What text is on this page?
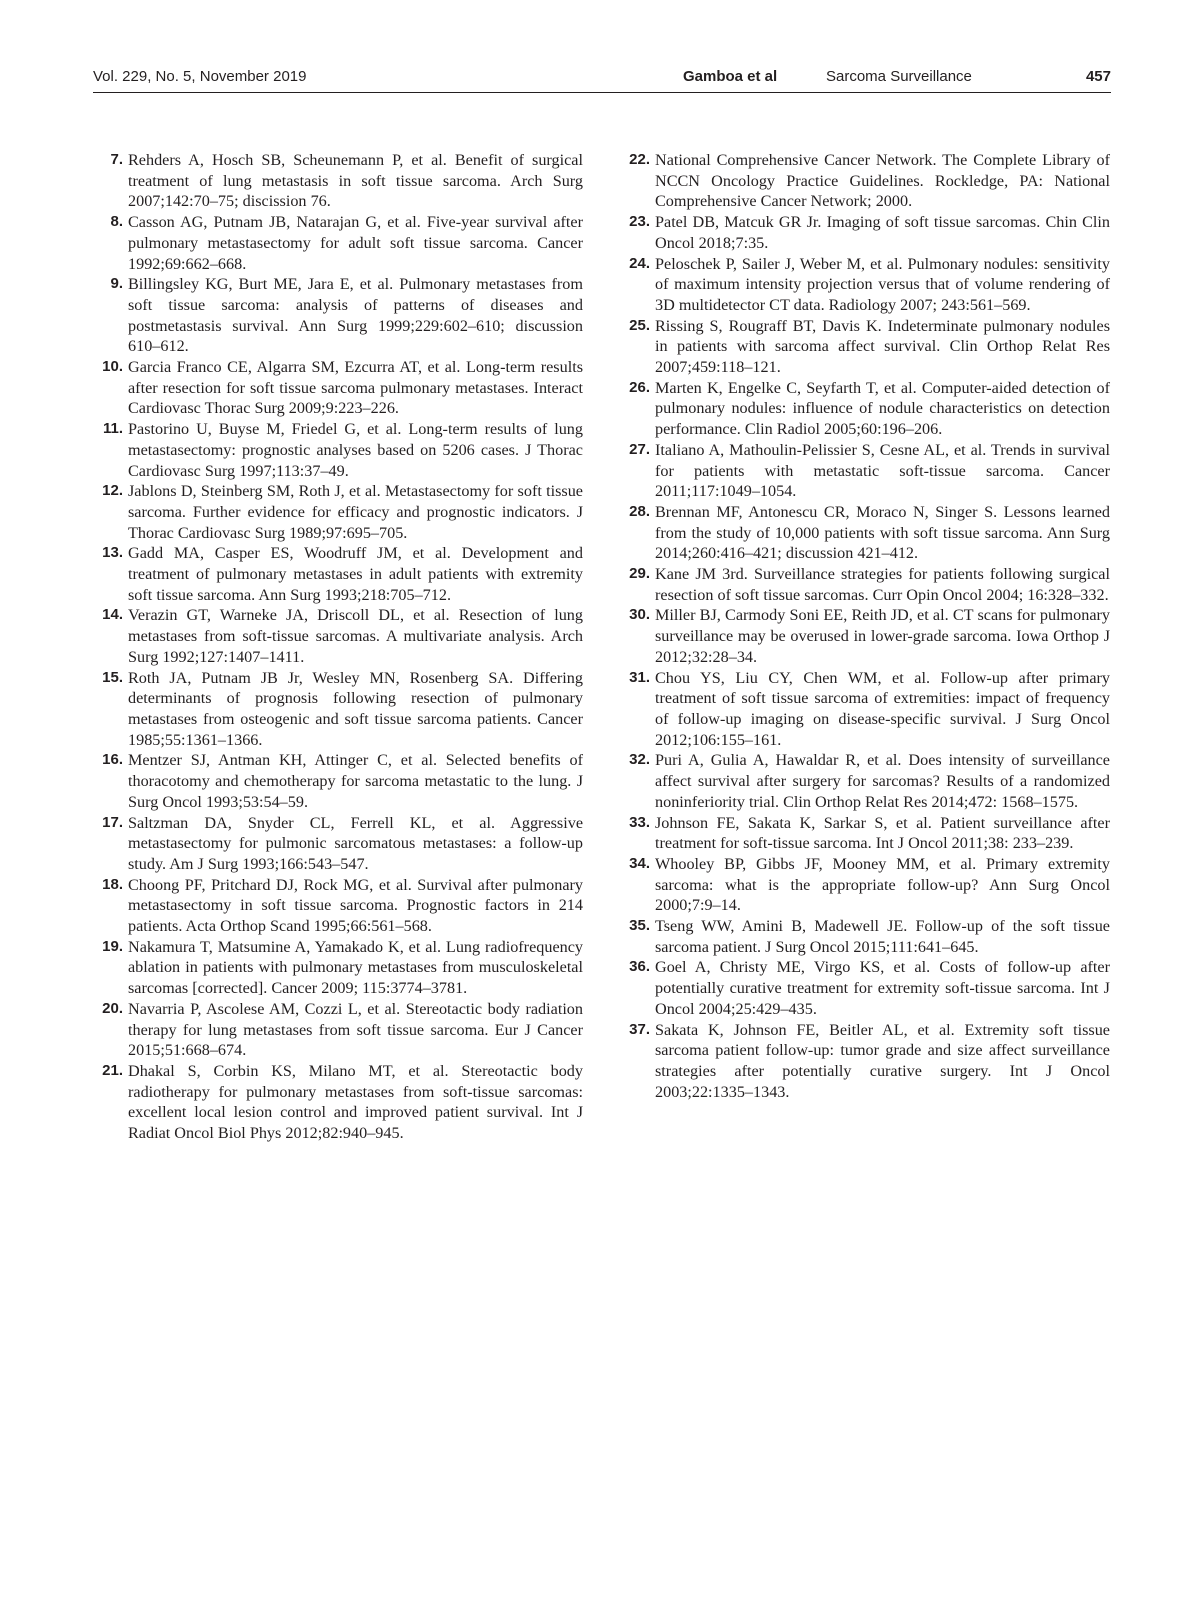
Vol. 229, No. 5, November 2019	Gamboa et al	Sarcoma Surveillance	457

7. Rehders A, Hosch SB, Scheunemann P, et al. Benefit of surgical treatment of lung metastasis in soft tissue sarcoma. Arch Surg 2007;142:70–75; discission 76.

8. Casson AG, Putnam JB, Natarajan G, et al. Five-year survival after pulmonary metastasectomy for adult soft tissue sarcoma. Cancer 1992;69:662–668.

9. Billingsley KG, Burt ME, Jara E, et al. Pulmonary metastases from soft tissue sarcoma: analysis of patterns of diseases and postmetastasis survival. Ann Surg 1999;229:602–610; discussion 610–612.

10. Garcia Franco CE, Algarra SM, Ezcurra AT, et al. Long-term results after resection for soft tissue sarcoma pulmonary metastases. Interact Cardiovasc Thorac Surg 2009;9:223–226.

11. Pastorino U, Buyse M, Friedel G, et al. Long-term results of lung metastasectomy: prognostic analyses based on 5206 cases. J Thorac Cardiovasc Surg 1997;113:37–49.

12. Jablons D, Steinberg SM, Roth J, et al. Metastasectomy for soft tissue sarcoma. Further evidence for efficacy and prognostic indicators. J Thorac Cardiovasc Surg 1989;97:695–705.

13. Gadd MA, Casper ES, Woodruff JM, et al. Development and treatment of pulmonary metastases in adult patients with extremity soft tissue sarcoma. Ann Surg 1993;218:705–712.

14. Verazin GT, Warneke JA, Driscoll DL, et al. Resection of lung metastases from soft-tissue sarcomas. A multivariate analysis. Arch Surg 1992;127:1407–1411.

15. Roth JA, Putnam JB Jr, Wesley MN, Rosenberg SA. Differing determinants of prognosis following resection of pulmonary metastases from osteogenic and soft tissue sarcoma patients. Cancer 1985;55:1361–1366.

16. Mentzer SJ, Antman KH, Attinger C, et al. Selected benefits of thoracotomy and chemotherapy for sarcoma metastatic to the lung. J Surg Oncol 1993;53:54–59.

17. Saltzman DA, Snyder CL, Ferrell KL, et al. Aggressive metastasectomy for pulmonic sarcomatous metastases: a follow-up study. Am J Surg 1993;166:543–547.

18. Choong PF, Pritchard DJ, Rock MG, et al. Survival after pulmonary metastasectomy in soft tissue sarcoma. Prognostic factors in 214 patients. Acta Orthop Scand 1995;66:561–568.

19. Nakamura T, Matsumine A, Yamakado K, et al. Lung radiofrequency ablation in patients with pulmonary metastases from musculoskeletal sarcomas [corrected]. Cancer 2009; 115:3774–3781.

20. Navarria P, Ascolese AM, Cozzi L, et al. Stereotactic body radiation therapy for lung metastases from soft tissue sarcoma. Eur J Cancer 2015;51:668–674.

21. Dhakal S, Corbin KS, Milano MT, et al. Stereotactic body radiotherapy for pulmonary metastases from soft-tissue sarcomas: excellent local lesion control and improved patient survival. Int J Radiat Oncol Biol Phys 2012;82:940–945.

22. National Comprehensive Cancer Network. The Complete Library of NCCN Oncology Practice Guidelines. Rockledge, PA: National Comprehensive Cancer Network; 2000.

23. Patel DB, Matcuk GR Jr. Imaging of soft tissue sarcomas. Chin Clin Oncol 2018;7:35.

24. Peloschek P, Sailer J, Weber M, et al. Pulmonary nodules: sensitivity of maximum intensity projection versus that of volume rendering of 3D multidetector CT data. Radiology 2007; 243:561–569.

25. Rissing S, Rougraff BT, Davis K. Indeterminate pulmonary nodules in patients with sarcoma affect survival. Clin Orthop Relat Res 2007;459:118–121.

26. Marten K, Engelke C, Seyfarth T, et al. Computer-aided detection of pulmonary nodules: influence of nodule characteristics on detection performance. Clin Radiol 2005;60:196–206.

27. Italiano A, Mathoulin-Pelissier S, Cesne AL, et al. Trends in survival for patients with metastatic soft-tissue sarcoma. Cancer 2011;117:1049–1054.

28. Brennan MF, Antonescu CR, Moraco N, Singer S. Lessons learned from the study of 10,000 patients with soft tissue sarcoma. Ann Surg 2014;260:416–421; discussion 421–412.

29. Kane JM 3rd. Surveillance strategies for patients following surgical resection of soft tissue sarcomas. Curr Opin Oncol 2004; 16:328–332.

30. Miller BJ, Carmody Soni EE, Reith JD, et al. CT scans for pulmonary surveillance may be overused in lower-grade sarcoma. Iowa Orthop J 2012;32:28–34.

31. Chou YS, Liu CY, Chen WM, et al. Follow-up after primary treatment of soft tissue sarcoma of extremities: impact of frequency of follow-up imaging on disease-specific survival. J Surg Oncol 2012;106:155–161.

32. Puri A, Gulia A, Hawaldar R, et al. Does intensity of surveillance affect survival after surgery for sarcomas? Results of a randomized noninferiority trial. Clin Orthop Relat Res 2014;472: 1568–1575.

33. Johnson FE, Sakata K, Sarkar S, et al. Patient surveillance after treatment for soft-tissue sarcoma. Int J Oncol 2011;38: 233–239.

34. Whooley BP, Gibbs JF, Mooney MM, et al. Primary extremity sarcoma: what is the appropriate follow-up? Ann Surg Oncol 2000;7:9–14.

35. Tseng WW, Amini B, Madewell JE. Follow-up of the soft tissue sarcoma patient. J Surg Oncol 2015;111:641–645.

36. Goel A, Christy ME, Virgo KS, et al. Costs of follow-up after potentially curative treatment for extremity soft-tissue sarcoma. Int J Oncol 2004;25:429–435.

37. Sakata K, Johnson FE, Beitler AL, et al. Extremity soft tissue sarcoma patient follow-up: tumor grade and size affect surveillance strategies after potentially curative surgery. Int J Oncol 2003;22:1335–1343.
